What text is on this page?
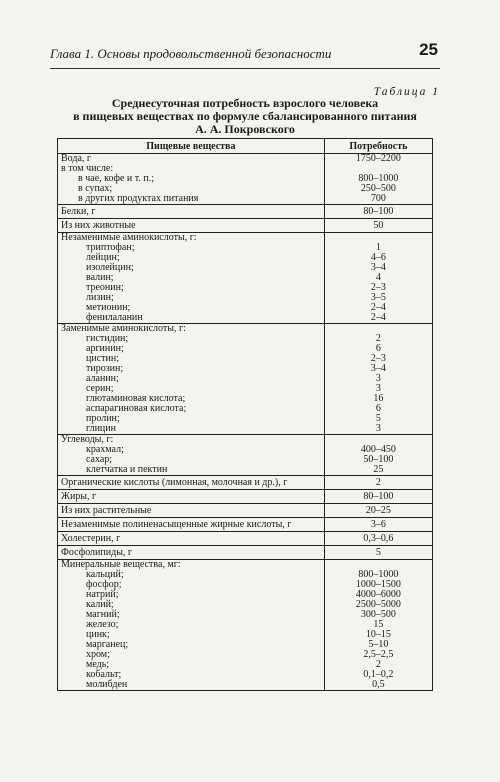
Глава 1. Основы продовольственной безопасности	25
Таблица 1
Среднесуточная потребность взрослого человека
в пищевых веществах по формуле сбалансированного питания
А. А. Покровского
Пищевые вещества	Потребность
Вода, г	1750–2200
в том числе:	
в чае, кофе и т. п.;	800–1000
в супах;	250–500
в других продуктах питания	700
Белки, г	80–100
Из них животные	50
Незаменимые аминокислоты, г:	
триптофан;	1
лейцин;	4–6
изолейцин;	3–4
валин;	4
треонин;	2–3
лизин;	3–5
метионин;	2–4
фенилаланин	2–4
Заменимые аминокислоты, г:	
гистидин;	2
аргинин;	6
цистин;	2–3
тирозин;	3–4
аланин;	3
серин;	3
глютаминовая кислота;	16
аспарагиновая кислота;	6
пролин;	5
глицин	3
Углеводы, г:	
крахмал;	400–450
сахар;	50–100
клетчатка и пектин	25
Органические кислоты (лимонная, молочная и др.), г	2
Жиры, г	80–100
Из них растительные	20–25
Незаменимые полиненасыщенные жирные кислоты, г	3–6
Холестерин, г	0,3–0,6
Фосфолипиды, г	5
Минеральные вещества, мг:	
кальций;	800–1000
фосфор;	1000–1500
натрий;	4000–6000
калий;	2500–5000
магний;	300–500
железо;	15
цинк;	10–15
марганец;	5–10
хром;	2,5–2,5
медь;	2
кобальт;	0,1–0,2
молибден	0,5
